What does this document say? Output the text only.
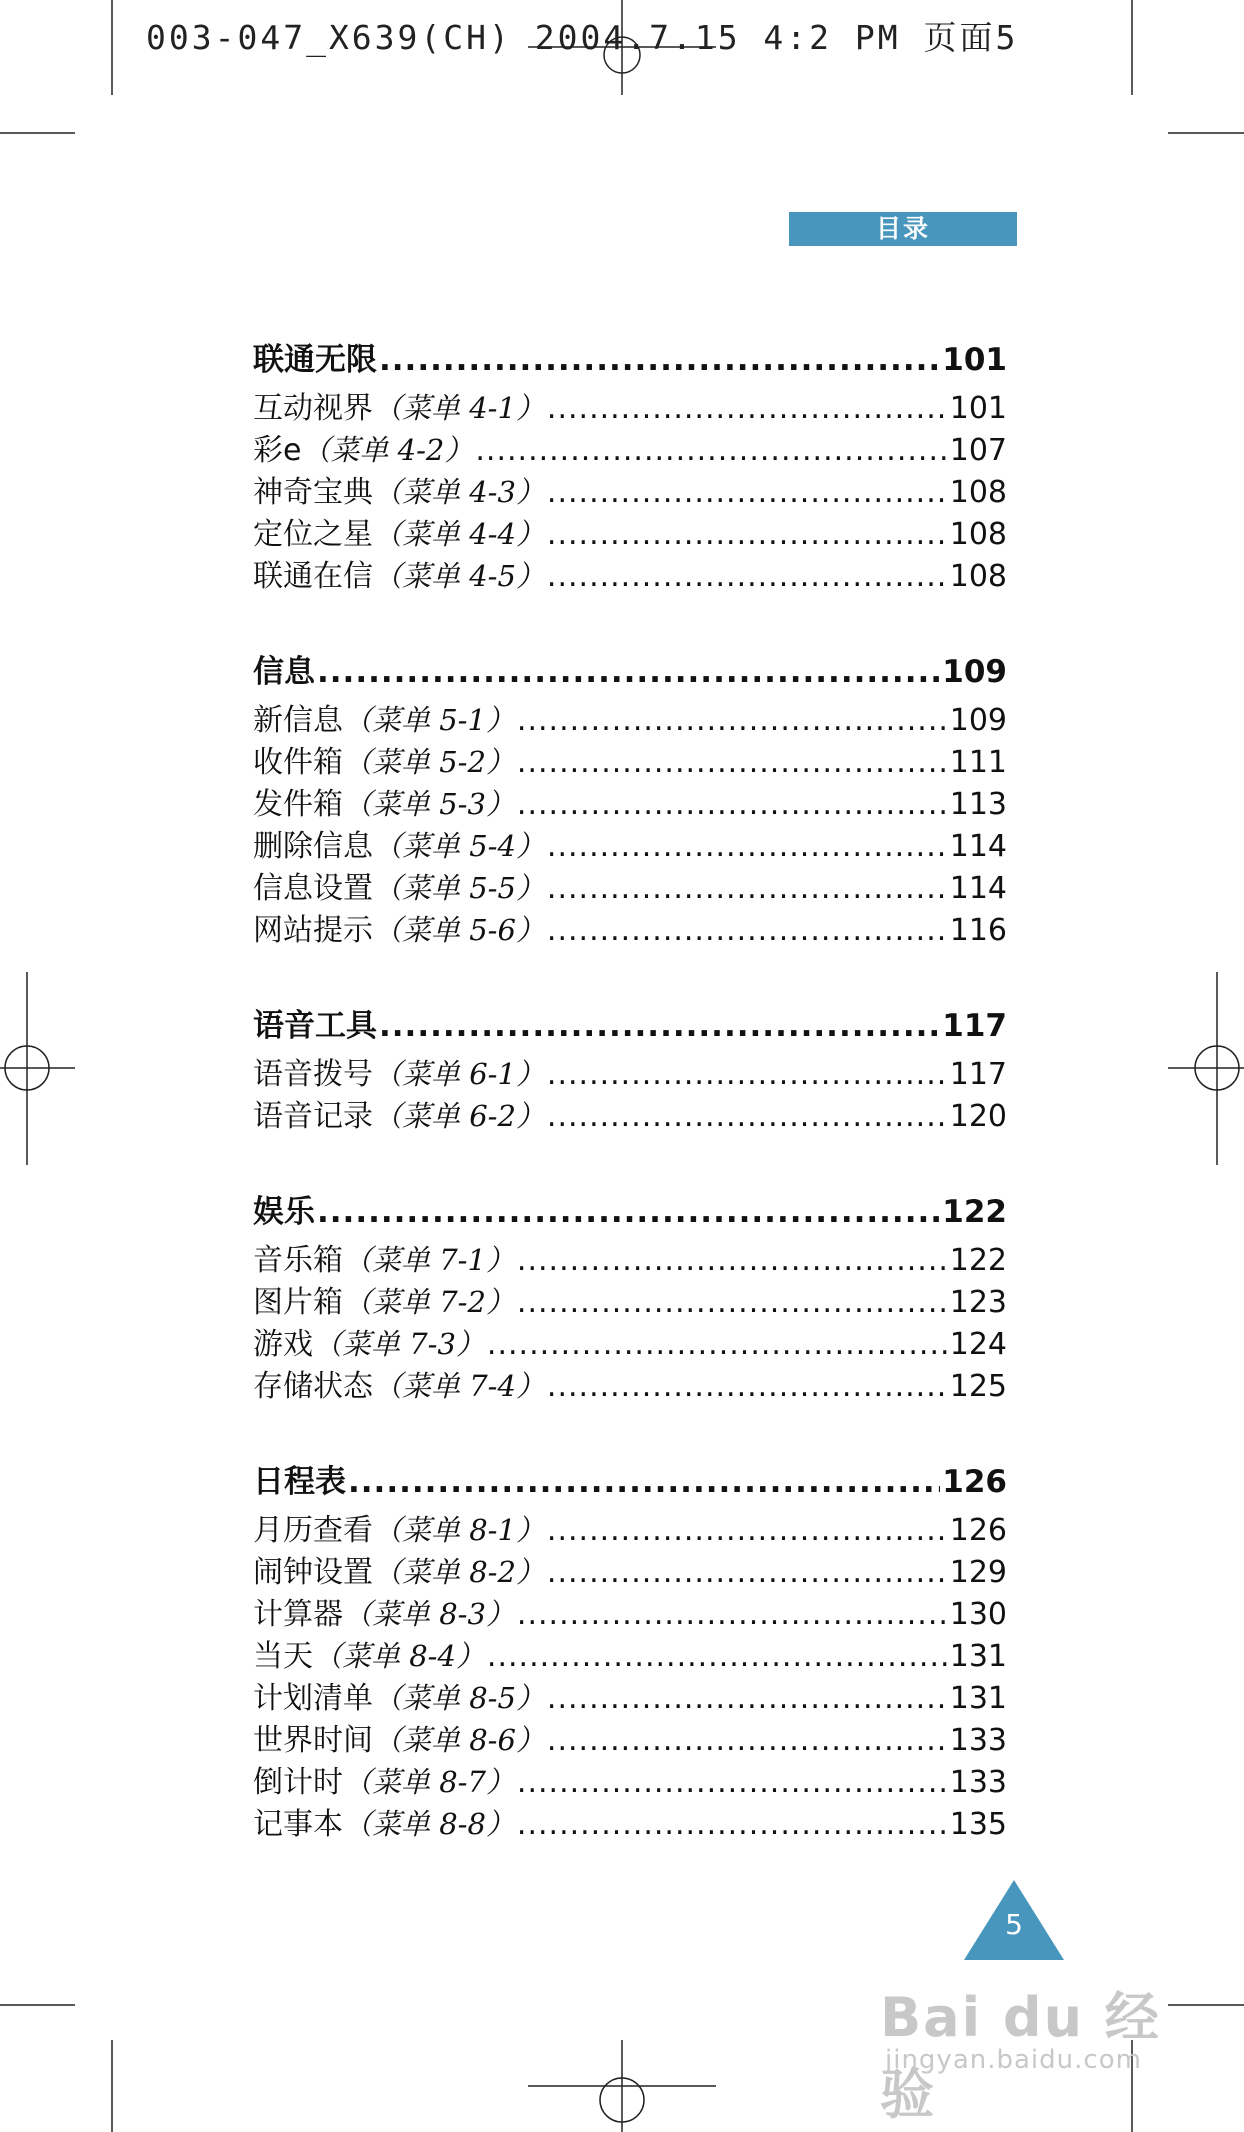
003-047_X639(CH) 2004.7.15 4:2 PM 页面5
目录
联通无限 .....	101
互动视界 （菜单 4-1） .....	101
彩e （菜单 4-2） .....	107
神奇宝典 （菜单 4-3） .....	108
定位之星 （菜单 4-4） .....	108
联通在信 （菜单 4-5） .....	108
信息 .....	109
新信息 （菜单 5-1） .....	109
收件箱 （菜单 5-2） .....	111
发件箱 （菜单 5-3） .....	113
删除信息 （菜单 5-4） .....	114
信息设置 （菜单 5-5） .....	114
网站提示 （菜单 5-6） .....	116
语音工具 .....	117
语音拨号 （菜单 6-1） .....	117
语音记录 （菜单 6-2） .....	120
娱乐 .....	122
音乐箱 （菜单 7-1） .....	122
图片箱 （菜单 7-2） .....	123
游戏 （菜单 7-3） .....	124
存储状态 （菜单 7-4） .....	125
日程表 .....	126
月历查看 （菜单 8-1） .....	126
闹钟设置 （菜单 8-2） .....	129
计算器 （菜单 8-3） .....	130
当天 （菜单 8-4） .....	131
计划清单 （菜单 8-5） .....	131
世界时间 （菜单 8-6） .....	133
倒计时 （菜单 8-7） .....	133
记事本 （菜单 8-8） .....	135
5
Bai du 经验
jingyan.baidu.com
